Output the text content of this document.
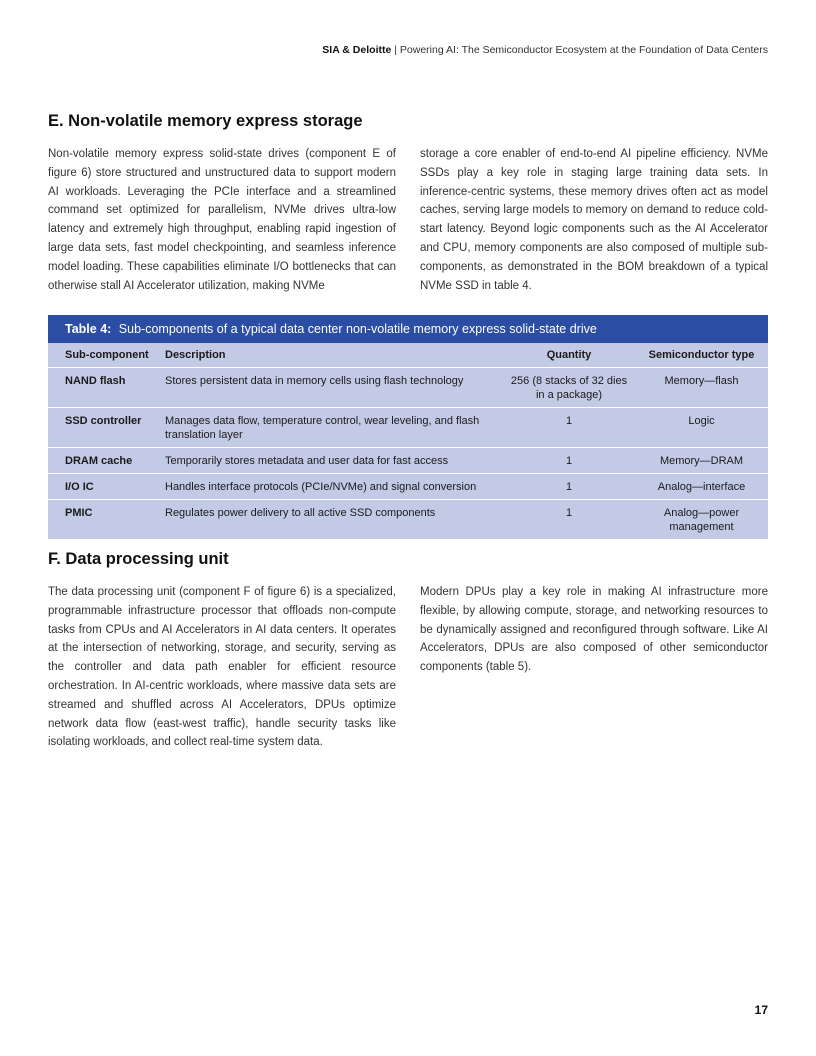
SIA & Deloitte | Powering AI: The Semiconductor Ecosystem at the Foundation of Data Centers
E. Non-volatile memory express storage

Non-volatile memory express solid-state drives (component E of figure 6) store structured and unstructured data to support modern AI workloads. Leveraging the PCIe interface and a streamlined command set optimized for parallelism, NVMe drives ultra-low latency and extremely high throughput, enabling rapid ingestion of large data sets, fast model checkpointing, and seamless inference model loading. These capabilities eliminate I/O bottlenecks that can otherwise stall AI Accelerator utilization, making NVMe

storage a core enabler of end-to-end AI pipeline efficiency. NVMe SSDs play a key role in staging large training data sets. In inference-centric systems, these memory drives often act as model caches, serving large models to memory on demand to reduce cold-start latency. Beyond logic components such as the AI Accelerator and CPU, memory components are also composed of multiple sub-components, as demonstrated in the BOM breakdown of a typical NVMe SSD in table 4.

Table 4: Sub-components of a typical data center non-volatile memory express solid-state drive
Sub-component	Description	Quantity	Semiconductor type
NAND flash	Stores persistent data in memory cells using flash technology	256 (8 stacks of 32 dies in a package)	Memory—flash
SSD controller	Manages data flow, temperature control, wear leveling, and flash translation layer	1	Logic
DRAM cache	Temporarily stores metadata and user data for fast access	1	Memory—DRAM
I/O IC	Handles interface protocols (PCIe/NVMe) and signal conversion	1	Analog—interface
PMIC	Regulates power delivery to all active SSD components	1	Analog—power management
F. Data processing unit

The data processing unit (component F of figure 6) is a specialized, programmable infrastructure processor that offloads non-compute tasks from CPUs and AI Accelerators in AI data centers. It operates at the intersection of networking, storage, and security, serving as the controller and data path enabler for efficient resource orchestration. In AI-centric workloads, where massive data sets are streamed and shuffled across AI Accelerators, DPUs optimize network data flow (east-west traffic), handle security tasks like isolating workloads, and collect real-time system data.

Modern DPUs play a key role in making AI infrastructure more flexible, by allowing compute, storage, and networking resources to be dynamically assigned and reconfigured through software. Like AI Accelerators, DPUs are also composed of other semiconductor components (table 5).

17
